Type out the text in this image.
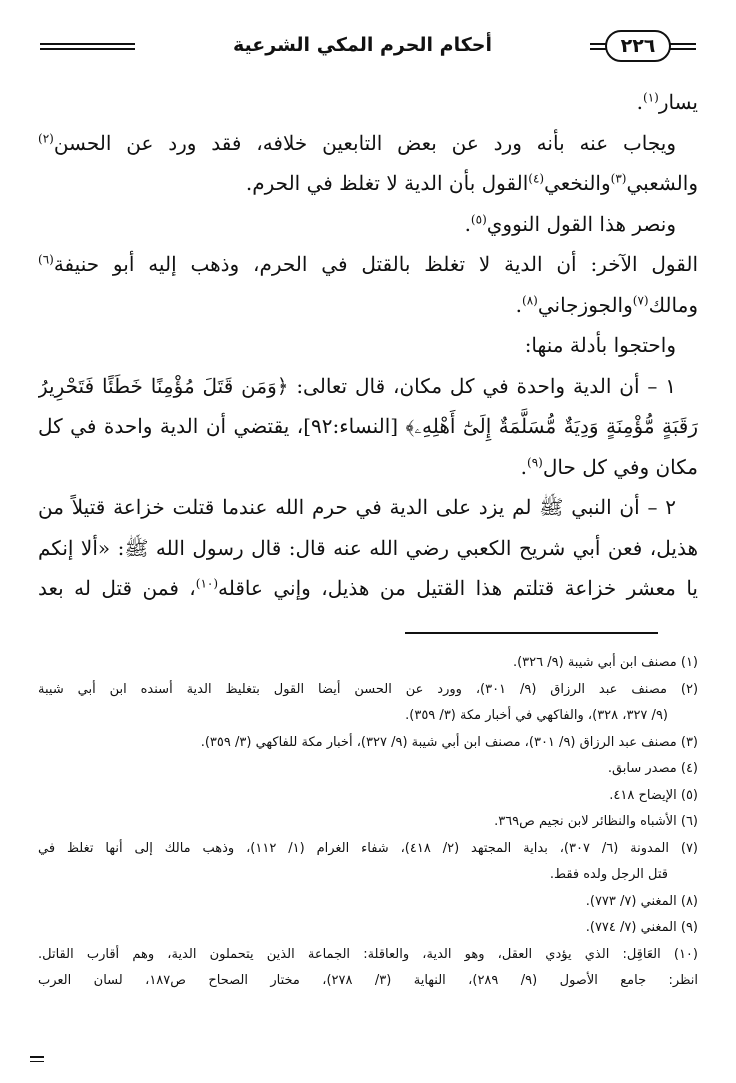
أحكام الحرم المكي الشرعية	٢٢٦
يسار$^{(١)}$.
ويجاب عنه بأنه ورد عن بعض التابعين خلافه، فقد ورد عن الحسن$^{(٢)}$
والشعبي$^{(٣)}$والنخعي$^{(٤)}$القول بأن الدية لا تغلظ في الحرم.
ونصر هذا القول النووي$^{(٥)}$.
القول الآخر: أن الدية لا تغلظ بالقتل في الحرم، وذهب إليه أبو حنيفة$^{(٦)}$
ومالك$^{(٧)}$والجوزجاني$^{(٨)}$.
واحتجوا بأدلة منها:
١ – أن الدية واحدة في كل مكان، قال تعالى: ﴿وَمَن قَتَلَ مُؤْمِنًا خَطَئًا فَتَحْرِيرُ
رَقَبَةٍ مُّؤْمِنَةٍ وَدِيَةٌ مُّسَلَّمَةٌ إِلَىٰٓ أَهْلِهِۦ﴾ [النساء:٩٢]، يقتضي أن الدية واحدة في كل
مكان وفي كل حال$^{(٩)}$.
٢ – أن النبي ﷺ لم يزد على الدية في حرم الله عندما قتلت خزاعة قتيلاً من
هذيل، فعن أبي شريح الكعبي رضي الله عنه قال: قال رسول الله ﷺ: «ألا إنكم
يا معشر خزاعة قتلتم هذا القتيل من هذيل، وإني عاقله$^{(١٠)}$، فمن قتل له بعد
(١) مصنف ابن أبي شيبة (٩/ ٣٢٦).
(٢) مصنف عبد الرزاق (٩/ ٣٠١)، وورد عن الحسن أيضا القول بتغليظ الدية أسنده ابن أبي شيبة
(٩/ ٣٢٧، ٣٢٨)، والفاكهي في أخبار مكة (٣/ ٣٥٩).
(٣) مصنف عبد الرزاق (٩/ ٣٠١)، مصنف ابن أبي شيبة (٩/ ٣٢٧)، أخبار مكة للفاكهي (٣/ ٣٥٩).
(٤) مصدر سابق.
(٥) الإيضاح ٤١٨.
(٦) الأشباه والنظائر لابن نجيم ص٣٦٩.
(٧) المدونة (٦/ ٣٠٧)، بداية المجتهد (٢/ ٤١٨)، شفاء الغرام (١/ ١١٢)، وذهب مالك إلى أنها تغلظ في
قتل الرجل ولده فقط.
(٨) المغني (٧/ ٧٧٣).
(٩) المغني (٧/ ٧٧٤).
(١٠) العَاقِل: الذي يؤدي العقل، وهو الدية، والعاقلة: الجماعة الذين يتحملون الدية، وهم أقارب القاتل.
انظر: جامع الأصول (٩/ ٢٨٩)، النهاية (٣/ ٢٧٨)، مختار الصحاح ص١٨٧، لسان العرب
